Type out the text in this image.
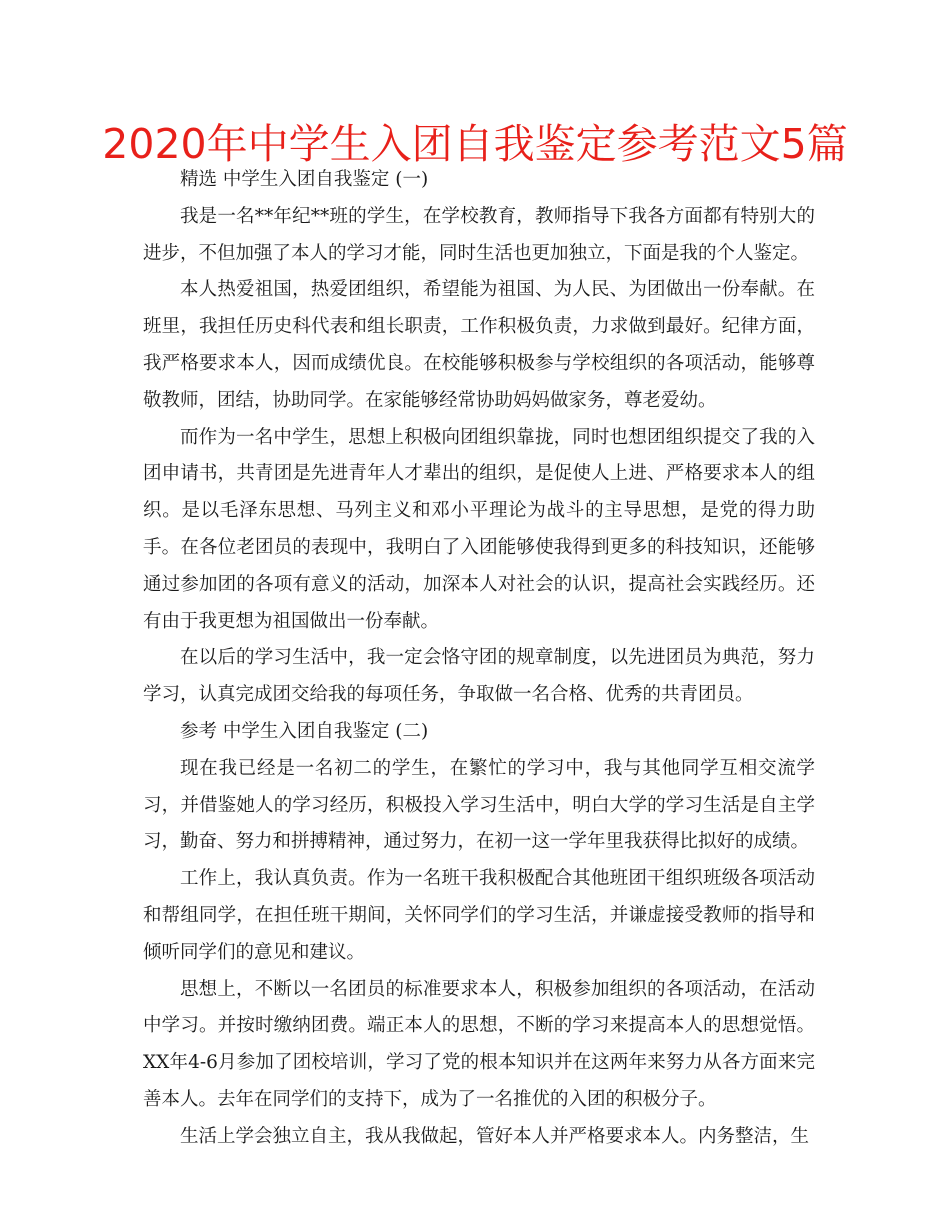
2020年中学生入团自我鉴定参考范文5篇

精选 中学生入团自我鉴定 (一)

我是一名**年纪**班的学生，在学校教育，教师指导下我各方面都有特别大的进步，不但加强了本人的学习才能，同时生活也更加独立，下面是我的个人鉴定。

本人热爱祖国，热爱团组织，希望能为祖国、为人民、为团做出一份奉献。在班里，我担任历史科代表和组长职责，工作积极负责，力求做到最好。纪律方面，我严格要求本人，因而成绩优良。在校能够积极参与学校组织的各项活动，能够尊敬教师，团结，协助同学。在家能够经常协助妈妈做家务，尊老爱幼。

而作为一名中学生，思想上积极向团组织靠拢，同时也想团组织提交了我的入团申请书，共青团是先进青年人才辈出的组织，是促使人上进、严格要求本人的组织。是以毛泽东思想、马列主义和邓小平理论为战斗的主导思想，是党的得力助手。在各位老团员的表现中，我明白了入团能够使我得到更多的科技知识，还能够通过参加团的各项有意义的活动，加深本人对社会的认识，提高社会实践经历。还有由于我更想为祖国做出一份奉献。

在以后的学习生活中，我一定会恪守团的规章制度，以先进团员为典范，努力学习，认真完成团交给我的每项任务，争取做一名合格、优秀的共青团员。

参考 中学生入团自我鉴定 (二)

现在我已经是一名初二的学生，在繁忙的学习中，我与其他同学互相交流学习，并借鉴她人的学习经历，积极投入学习生活中，明白大学的学习生活是自主学习，勤奋、努力和拼搏精神，通过努力，在初一这一学年里我获得比拟好的成绩。

工作上，我认真负责。作为一名班干我积极配合其他班团干组织班级各项活动和帮组同学，在担任班干期间，关怀同学们的学习生活，并谦虚接受教师的指导和倾听同学们的意见和建议。

思想上，不断以一名团员的标准要求本人，积极参加组织的各项活动，在活动中学习。并按时缴纳团费。端正本人的思想，不断的学习来提高本人的思想觉悟。XX年4-6月参加了团校培训，学习了党的根本知识并在这两年来努力从各方面来完善本人。去年在同学们的支持下，成为了一名推优的入团的积极分子。

生活上学会独立自主，我从我做起，管好本人并严格要求本人。内务整洁，生
